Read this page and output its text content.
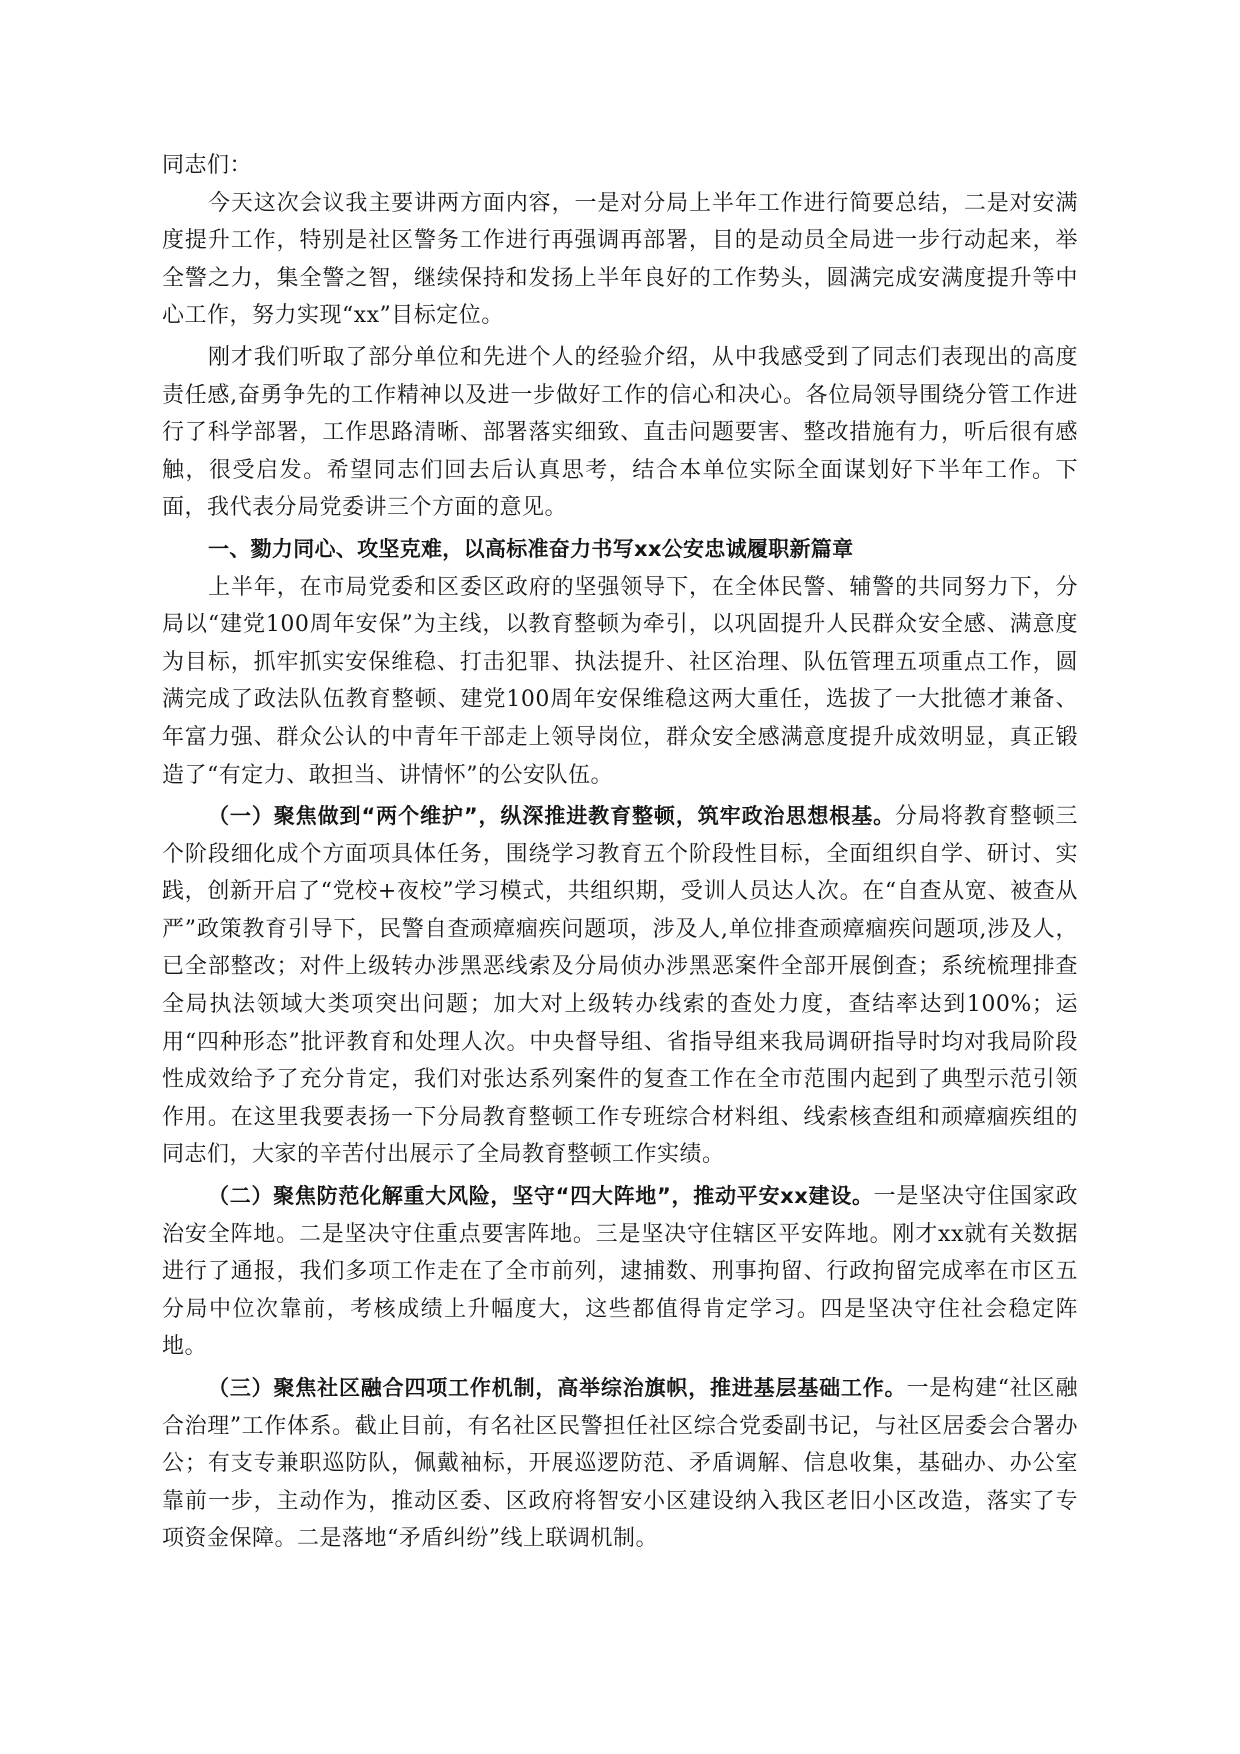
同志们：

今天这次会议我主要讲两方面内容，一是对分局上半年工作进行简要总结，二是对安满度提升工作，特别是社区警务工作进行再强调再部署，目的是动员全局进一步行动起来，举全警之力，集全警之智，继续保持和发扬上半年良好的工作势头，圆满完成安满度提升等中心工作，努力实现“xx”目标定位。

刚才我们听取了部分单位和先进个人的经验介绍，从中我感受到了同志们表现出的高度责任感,奋勇争先的工作精神以及进一步做好工作的信心和决心。各位局领导围绕分管工作进行了科学部署，工作思路清晰、部署落实细致、直击问题要害、整改措施有力，听后很有感触，很受启发。希望同志们回去后认真思考，结合本单位实际全面谋划好下半年工作。下面，我代表分局党委讲三个方面的意见。

一、勠力同心、攻坚克难，以高标准奋力书写xx公安忠诚履职新篇章

上半年，在市局党委和区委区政府的坚强领导下，在全体民警、辅警的共同努力下，分局以“建党100周年安保”为主线，以教育整顿为牵引，以巩固提升人民群众安全感、满意度为目标，抓牢抓实安保维稳、打击犯罪、执法提升、社区治理、队伍管理五项重点工作，圆满完成了政法队伍教育整顿、建党100周年安保维稳这两大重任，选拔了一大批德才兼备、年富力强、群众公认的中青年干部走上领导岗位，群众安全感满意度提升成效明显，真正锻造了“有定力、敢担当、讲情怀”的公安队伍。

（一）聚焦做到“两个维护”，纵深推进教育整顿，筑牢政治思想根基。分局将教育整顿三个阶段细化成个方面项具体任务，围绕学习教育五个阶段性目标，全面组织自学、研讨、实践，创新开启了“党校+夜校”学习模式，共组织期，受训人员达人次。在“自查从宽、被查从严”政策教育引导下，民警自查顽瘴痼疾问题项，涉及人,单位排查顽瘴痼疾问题项,涉及人，已全部整改；对件上级转办涉黑恶线索及分局侦办涉黑恶案件全部开展倒查；系统梳理排查全局执法领域大类项突出问题；加大对上级转办线索的查处力度，查结率达到100%；运用“四种形态”批评教育和处理人次。中央督导组、省指导组来我局调研指导时均对我局阶段性成效给予了充分肯定，我们对张达系列案件的复查工作在全市范围内起到了典型示范引领作用。在这里我要表扬一下分局教育整顿工作专班综合材料组、线索核查组和顽瘴痼疾组的同志们，大家的辛苦付出展示了全局教育整顿工作实绩。

（二）聚焦防范化解重大风险，坚守“四大阵地”，推动平安xx建设。一是坚决守住国家政治安全阵地。二是坚决守住重点要害阵地。三是坚决守住辖区平安阵地。刚才xx就有关数据进行了通报，我们多项工作走在了全市前列，逮捕数、刑事拘留、行政拘留完成率在市区五分局中位次靠前，考核成绩上升幅度大，这些都值得肯定学习。四是坚决守住社会稳定阵地。

（三）聚焦社区融合四项工作机制，高举综治旗帜，推进基层基础工作。一是构建“社区融合治理”工作体系。截止目前，有名社区民警担任社区综合党委副书记，与社区居委会合署办公；有支专兼职巡防队，佩戴袖标，开展巡逻防范、矛盾调解、信息收集，基础办、办公室靠前一步，主动作为，推动区委、区政府将智安小区建设纳入我区老旧小区改造，落实了专项资金保障。二是落地“矛盾纠纷”线上联调机制。
